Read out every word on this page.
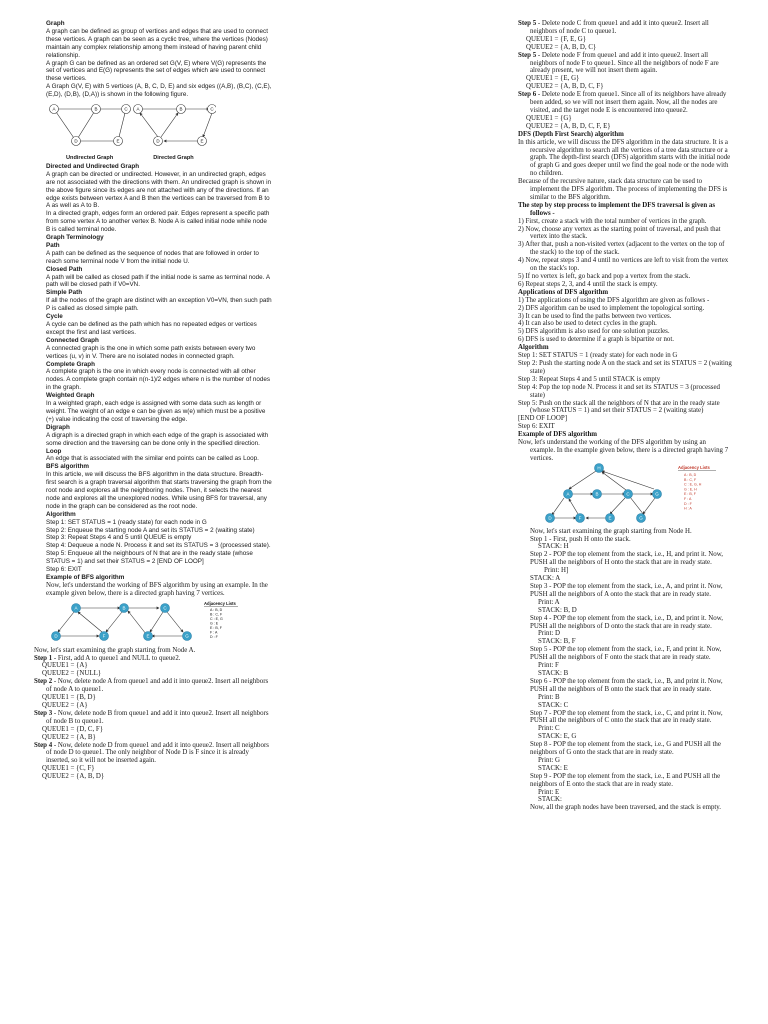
Graph

A graph can be defined as group of vertices and edges that are used to connect these vertices. A graph can be seen as a cyclic tree, where the vertices (Nodes) maintain any complex relationship among them instead of having parent child relationship.

A graph G can be defined as an ordered set G(V, E) where V(G) represents the set of vertices and E(G) represents the set of edges which are used to connect these vertices.

A Graph G(V, E) with 5 vertices (A, B, C, D, E) and six edges ((A,B), (B,C), (C,E), (E,D), (D,B), (D,A)) is shown in the following figure.

A	B	C
D	E
A	B	C
D	E
Undirected Graph	Directed Graph

Directed and Undirected Graph

A graph can be directed or undirected. However, in an undirected graph, edges are not associated with the directions with them. An undirected graph is shown in the above figure since its edges are not attached with any of the directions. If an edge exists between vertex A and B then the vertices can be traversed from B to A as well as A to B.

In a directed graph, edges form an ordered pair. Edges represent a specific path from some vertex A to another vertex B. Node A is called initial node while node B is called terminal node.

Graph Terminology

Path

A path can be defined as the sequence of nodes that are followed in order to reach some terminal node V from the initial node U.

Closed Path

A path will be called as closed path if the initial node is same as terminal node. A path will be closed path if V0=VN.

Simple Path

If all the nodes of the graph are distinct with an exception V0=VN, then such path P is called as closed simple path.

Cycle

A cycle can be defined as the path which has no repeated edges or vertices except the first and last vertices.

Connected Graph

A connected graph is the one in which some path exists between every two vertices (u, v) in V. There are no isolated nodes in connected graph.

Complete Graph

A complete graph is the one in which every node is connected with all other nodes. A complete graph contain n(n-1)/2 edges where n is the number of nodes in the graph.

Weighted Graph

In a weighted graph, each edge is assigned with some data such as length or weight. The weight of an edge e can be given as w(e) which must be a positive (+) value indicating the cost of traversing the edge.

Digraph

A digraph is a directed graph in which each edge of the graph is associated with some direction and the traversing can be done only in the specified direction.

Loop

An edge that is associated with the similar end points can be called as Loop.

BFS algorithm

In this article, we will discuss the BFS algorithm in the data structure. Breadth-first search is a graph traversal algorithm that starts traversing the graph from the root node and explores all the neighboring nodes. Then, it selects the nearest node and explores all the unexplored nodes. While using BFS for traversal, any node in the graph can be considered as the root node.

Algorithm

Step 1: SET STATUS = 1 (ready state) for each node in G

Step 2: Enqueue the starting node A and set its STATUS = 2 (waiting state)

Step 3: Repeat Steps 4 and 5 until QUEUE is empty

Step 4: Dequeue a node N. Process it and set its STATUS = 3 (processed state).

Step 5: Enqueue all the neighbours of N that are in the ready state (whose STATUS = 1) and set their STATUS = 2 [END OF LOOP]

Step 6: EXIT

Example of BFS algorithm

Now, let's understand the working of BFS algorithm by using an example. In the example given below, there is a directed graph having 7 vertices.

A	B	C
D	F	E	G
Adjacency Lists
A : B, D
B : C, F
C : E, G
G : E
E : B, F
F : A
D : F

Now, let's start examining the graph starting from Node A.

Step 1 - First, add A to queue1 and NULL to queue2.

QUEUE1 = {A}

QUEUE2 = {NULL}

Step 2 - Now, delete node A from queue1 and add it into queue2. Insert all neighbors of node A to queue1.

QUEUE1 = {B, D}

QUEUE2 = {A}

Step 3 - Now, delete node B from queue1 and add it into queue2. Insert all neighbors of node B to queue1.

QUEUE1 = {D, C, F}

QUEUE2 = {A, B}

Step 4 - Now, delete node D from queue1 and add it into queue2. Insert all neighbors of node D to queue1. The only neighbor of Node D is F since it is already inserted, so it will not be inserted again.

QUEUE1 = {C, F}

QUEUE2 = {A, B, D}

Step 5 - Delete node C from queue1 and add it into queue2. Insert all neighbors of node C to queue1.

QUEUE1 = {F, E, G}

QUEUE2 = {A, B, D, C}

Step 5 - Delete node F from queue1 and add it into queue2. Insert all neighbors of node F to queue1. Since all the neighbors of node F are already present, we will not insert them again.

QUEUE1 = {E, G}

QUEUE2 = {A, B, D, C, F}

Step 6 - Delete node E from queue1. Since all of its neighbors have already been added, so we will not insert them again. Now, all the nodes are visited, and the target node E is encountered into queue2.

QUEUE1 = {G}

QUEUE2 = {A, B, D, C, F, E}

DFS (Depth First Search) algorithm

In this article, we will discuss the DFS algorithm in the data structure. It is a recursive algorithm to search all the vertices of a tree data structure or a graph. The depth-first search (DFS) algorithm starts with the initial node of graph G and goes deeper until we find the goal node or the node with no children.

Because of the recursive nature, stack data structure can be used to implement the DFS algorithm. The process of implementing the DFS is similar to the BFS algorithm.

The step by step process to implement the DFS traversal is given as follows -

1) First, create a stack with the total number of vertices in the graph.

2) Now, choose any vertex as the starting point of traversal, and push that vertex into the stack.

3) After that, push a non-visited vertex (adjacent to the vertex on the top of the stack) to the top of the stack.

4) Now, repeat steps 3 and 4 until no vertices are left to visit from the vertex on the stack's top.

5) If no vertex is left, go back and pop a vertex from the stack.

6) Repeat steps 2, 3, and 4 until the stack is empty.

Applications of DFS algorithm

1) The applications of using the DFS algorithm are given as follows -

2) DFS algorithm can be used to implement the topological sorting.

3) It can be used to find the paths between two vertices.

4) It can also be used to detect cycles in the graph.

5) DFS algorithm is also used for one solution puzzles.

6) DFS is used to determine if a graph is bipartite or not.

Algorithm

Step 1: SET STATUS = 1 (ready state) for each node in G

Step 2: Push the starting node A on the stack and set its STATUS = 2 (waiting state)

Step 3: Repeat Steps 4 and 5 until STACK is empty

Step 4: Pop the top node N. Process it and set its STATUS = 3 (processed state)

Step 5: Push on the stack all the neighbors of N that are in the ready state (whose STATUS = 1) and set their STATUS = 2 (waiting state)

[END OF LOOP]

Step 6: EXIT

Example of DFS algorithm

Now, let's understand the working of the DFS algorithm by using an example. In the example given below, there is a directed graph having 7 vertices.

H
A	B	C	G
D	F	E	G
Adjacency Lists
A : B, D
B : C, F
C : E, G, H
G : E, H
E : B, F
F : A
D : F
H : A

Now, let's start examining the graph starting from Node H.

Step 1 - First, push H onto the stack.

STACK: H

Step 2 - POP the top element from the stack, i.e., H, and print it. Now, PUSH all the neighbors of H onto the stack that are in ready state.

Print: H]

STACK: A

Step 3 - POP the top element from the stack, i.e., A, and print it. Now, PUSH all the neighbors of A onto the stack that are in ready state.

Print: A

STACK: B, D

Step 4 - POP the top element from the stack, i.e., D, and print it. Now, PUSH all the neighbors of D onto the stack that are in ready state.

Print: D

STACK: B, F

Step 5 - POP the top element from the stack, i.e., F, and print it. Now, PUSH all the neighbors of F onto the stack that are in ready state.

Print: F

STACK: B

Step 6 - POP the top element from the stack, i.e., B, and print it. Now, PUSH all the neighbors of B onto the stack that are in ready state.

Print: B

STACK: C

Step 7 - POP the top element from the stack, i.e., C, and print it. Now, PUSH all the neighbors of C onto the stack that are in ready state.

Print: C

STACK: E, G

Step 8 - POP the top element from the stack, i.e., G and PUSH all the neighbors of G onto the stack that are in ready state.

Print: G

STACK: E

Step 9 - POP the top element from the stack, i.e., E and PUSH all the neighbors of E onto the stack that are in ready state.

Print: E

STACK:

Now, all the graph nodes have been traversed, and the stack is empty.
